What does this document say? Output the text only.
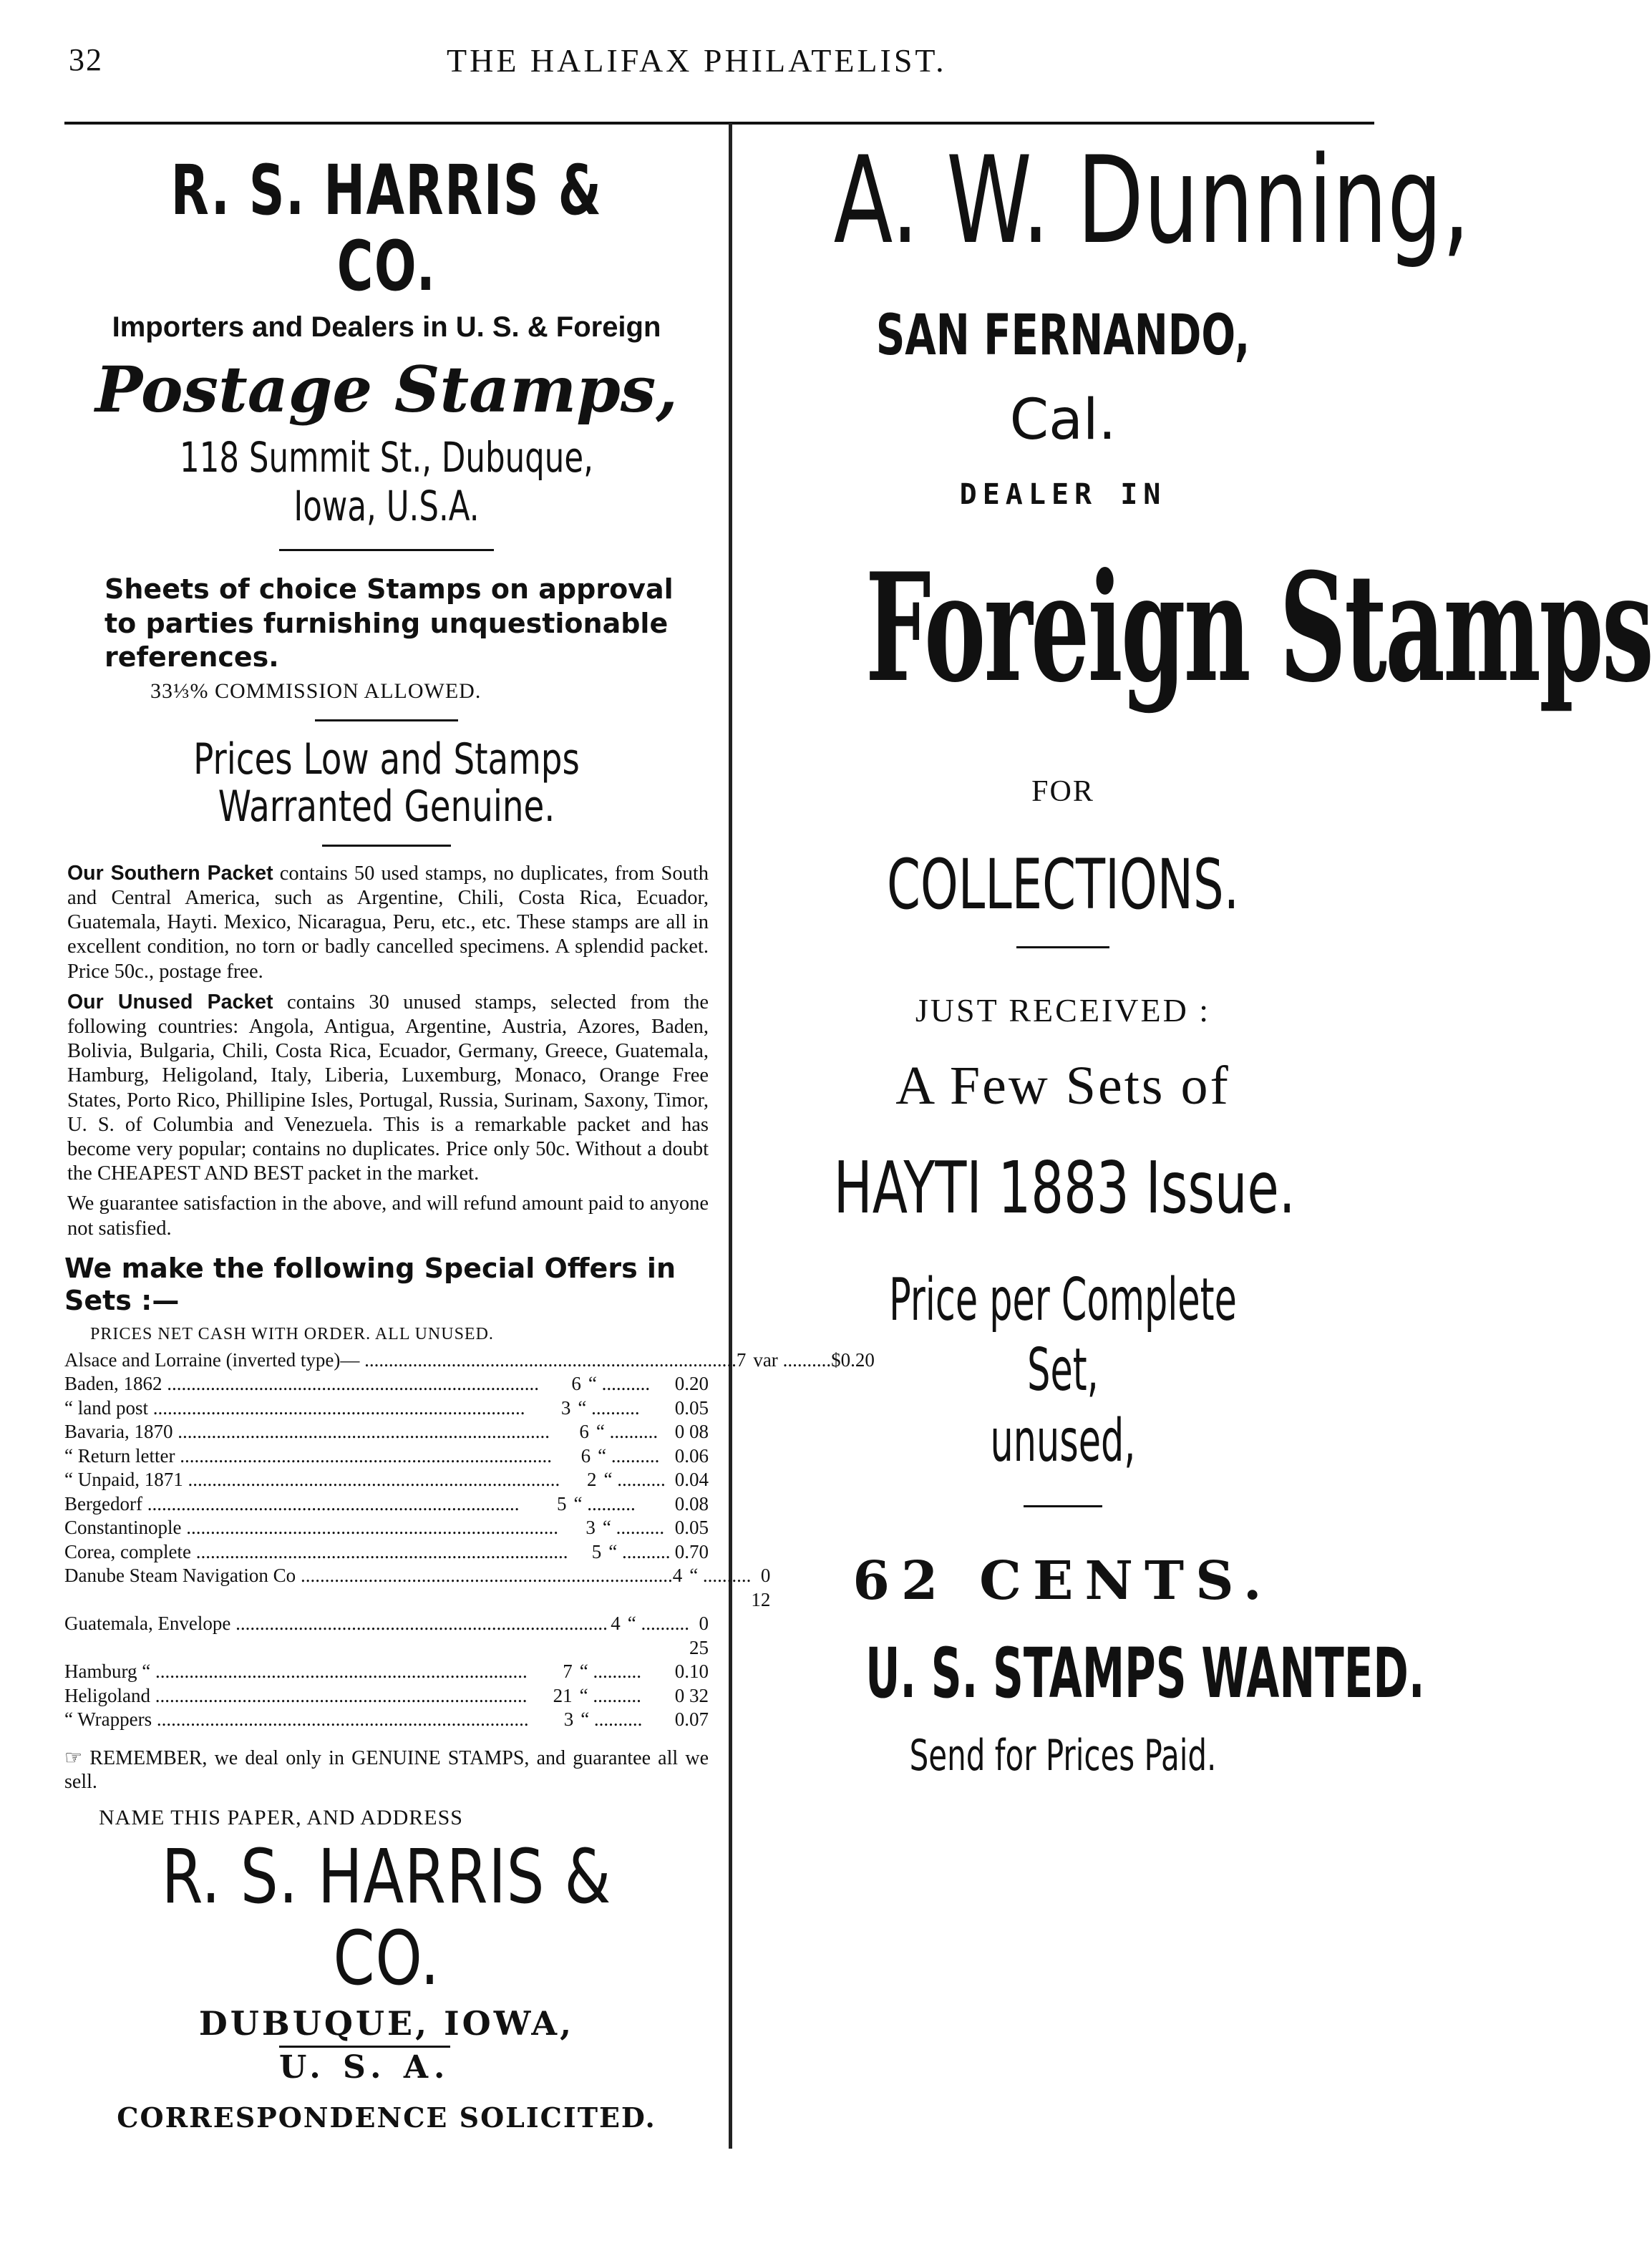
32	THE HALIFAX PHILATELIST.
R. S. HARRIS & CO.
Importers and Dealers in U. S. & Foreign
Postage Stamps,
118 Summit St., Dubuque, Iowa, U.S.A.
Sheets of choice Stamps on approval to parties furnishing unquestionable references.
33⅓% COMMISSION ALLOWED.
Prices Low and Stamps Warranted Genuine.

Our Southern Packet contains 50 used stamps, no duplicates, from South and Central America, such as Argentine, Chili, Costa Rica, Ecuador, Guatemala, Hayti. Mexico, Nicaragua, Peru, etc., etc. These stamps are all in excellent condition, no torn or badly cancelled specimens. A splendid packet. Price 50c., postage free.

Our Unused Packet contains 30 unused stamps, selected from the following countries: Angola, Antigua, Argentine, Austria, Azores, Baden, Bolivia, Bulgaria, Chili, Costa Rica, Ecuador, Germany, Greece, Guatemala, Hamburg, Heligoland, Italy, Liberia, Luxemburg, Monaco, Orange Free States, Porto Rico, Phillipine Isles, Portugal, Russia, Surinam, Saxony, Timor, U. S. of Columbia and Venezuela. This is a remarkable packet and has become very popular; contains no duplicates. Price only 50c. Without a doubt the CHEAPEST AND BEST packet in the market.

We guarantee satisfaction in the above, and will refund amount paid to anyone not satisfied.

We make the following Special Offers in Sets :—
PRICES NET CASH WITH ORDER. ALL UNUSED.
Alsace and Lorraine (inverted type)— .....	7 var .....	$0.20
Baden, 1862 .....	6 “ .....	0.20
“ land post .....	3 “ .....	0.05
Bavaria, 1870 .....	6 “ .....	0 08
“ Return letter .....	6 “ .....	0.06
“ Unpaid, 1871 .....	2 “ .....	0.04
Bergedorf .....	5 “ .....	0.08
Constantinople .....	3 “ .....	0.05
Corea, complete .....	5 “ .....	0.70
Danube Steam Navigation Co .....	4 “ .....	0 12
Guatemala, Envelope .....	4 “ .....	0 25
Hamburg “ .....	7 “ .....	0.10
Heligoland .....	21 “ .....	0 32
“ Wrappers .....	3 “ .....	0.07
☞ REMEMBER, we deal only in GENUINE STAMPS, and guarantee all we sell.
NAME THIS PAPER, AND ADDRESS
R. S. HARRIS & CO.
DUBUQUE, IOWA,
U. S. A.
CORRESPONDENCE SOLICITED.
A. W. Dunning,
SAN FERNANDO,
Cal.
DEALER IN
Foreign Stamps
FOR
COLLECTIONS.
JUST RECEIVED :
A Few Sets of
HAYTI 1883 Issue.
Price per Complete Set,
unused,
62 CENTS.
U. S. STAMPS WANTED.
Send for Prices Paid.
